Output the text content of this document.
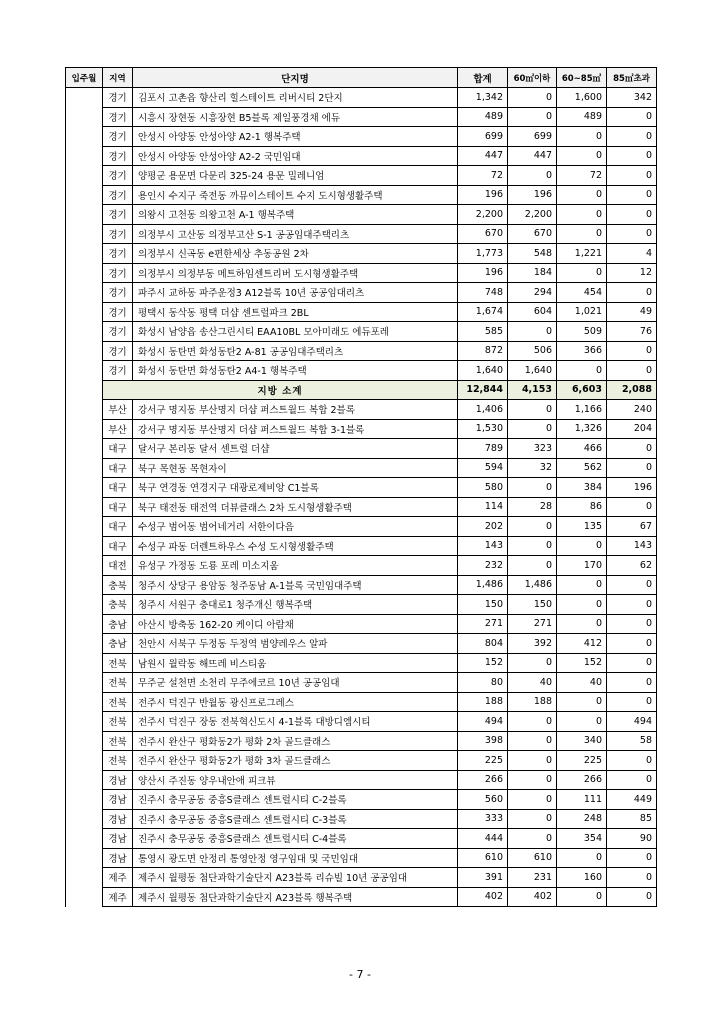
입주월	지역	단지명	합계	60㎡이하	60~85㎡	85㎡초과
	경기	김포시 고촌읍 향산리 힐스테이트 리버시티 2단지	1,342	0	1,600	342
	경기	시흥시 장현동 시흥장현 B5블록 제일풍경채 에듀	489	0	489	0
	경기	안성시 아양동 안성아양 A2-1 행복주택	699	699	0	0
	경기	안성시 아양동 안성아양 A2-2 국민임대	447	447	0	0
	경기	양평군 용문면 다문리 325-24 용문 밀레니엄	72	0	72	0
	경기	용인시 수지구 죽전동 까뮤이스테이트 수지 도시형생활주택	196	196	0	0
	경기	의왕시 고천동 의왕고천 A-1 행복주택	2,200	2,200	0	0
	경기	의정부시 고산동 의정부고산 S-1 공공임대주택리츠	670	670	0	0
	경기	의정부시 신곡동 e편한세상 추동공원 2차	1,773	548	1,221	4
	경기	의정부시 의정부동 메트하임센트리버 도시형생활주택	196	184	0	12
	경기	파주시 교하동 파주운정3 A12블록 10년 공공임대리츠	748	294	454	0
	경기	평택시 동삭동 평택 더샵 센트럴파크 2BL	1,674	604	1,021	49
	경기	화성시 남양읍 송산그린시티 EAA10BL 모아미래도 에듀포레	585	0	509	76
	경기	화성시 동탄면 화성동탄2 A-81 공공임대주택리츠	872	506	366	0
	경기	화성시 동탄면 화성동탄2 A4-1 행복주택	1,640	1,640	0	0
	지방 소계		12,844	4,153	6,603	2,088
	부산	강서구 명지동 부산명지 더샵 퍼스트월드 복합 2블록	1,406	0	1,166	240
	부산	강서구 명지동 부산명지 더샵 퍼스트월드 복합 3-1블록	1,530	0	1,326	204
	대구	달서구 본리동 달서 센트럴 더샵	789	323	466	0
	대구	북구 목현동 목현자이	594	32	562	0
	대구	북구 연경동 연경지구 대광로제비앙 C1블록	580	0	384	196
	대구	북구 태전동 태전역 더뷰클래스 2차 도시형생활주택	114	28	86	0
	대구	수성구 범어동 범어네거리 서한이다음	202	0	135	67
	대구	수성구 파동 더렌트하우스 수성 도시형생활주택	143	0	0	143
	대전	유성구 가정동 도룡 포레 미소지움	232	0	170	62
	충북	청주시 상당구 용암동 청주동남 A-1블록 국민임대주택	1,486	1,486	0	0
	충북	청주시 서원구 충대로1 청주개신 행복주택	150	150	0	0
	충남	아산시 방축동 162-20 케이디 아람채	271	271	0	0
	충남	천안시 서북구 두정동 두정역 범양레우스 알파	804	392	412	0
	전북	남원시 월락동 해뜨레 비스티움	152	0	152	0
	전북	무주군 설천면 소천리 무주에코르 10년 공공임대	80	40	40	0
	전북	전주시 덕진구 반월동 광신프로그레스	188	188	0	0
	전북	전주시 덕진구 장동 전북혁신도시 4-1블록 대방디엠시티	494	0	0	494
	전북	전주시 완산구 평화동2가 평화 2차 골드클래스	398	0	340	58
	전북	전주시 완산구 평화동2가 평화 3차 골드클래스	225	0	225	0
	경남	양산시 주진동 양우내안애 피크뷰	266	0	266	0
	경남	진주시 충무공동 중흥S클래스 센트럴시티 C-2블록	560	0	111	449
	경남	진주시 충무공동 중흥S클래스 센트럴시티 C-3블록	333	0	248	85
	경남	진주시 충무공동 중흥S클래스 센트럴시티 C-4블록	444	0	354	90
	경남	통영시 광도면 안정리 통영안정 영구임대 및 국민임대	610	610	0	0
	제주	제주시 월평동 첨단과학기술단지 A23블록 리슈빌 10년 공공임대	391	231	160	0
	제주	제주시 월평동 첨단과학기술단지 A23블록 행복주택	402	402	0	0
- 7 -
